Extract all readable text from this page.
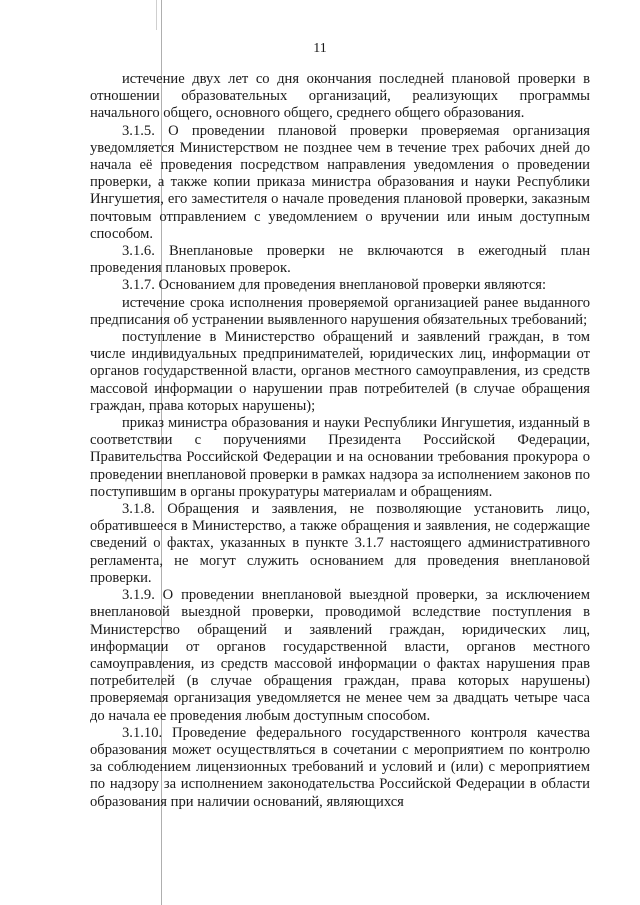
11

истечение двух лет со дня окончания последней плановой проверки в отношении образовательных организаций, реализующих программы начального общего, основного общего, среднего общего образования.

3.1.5. О проведении плановой проверки проверяемая организация уведомляется Министерством не позднее чем в течение трех рабочих дней до начала её проведения посредством направления уведомления о проведении проверки, а также копии приказа министра образования и науки Республики Ингушетия, его заместителя о начале проведения плановой проверки, заказным почтовым отправлением с уведомлением о вручении или иным доступным способом.

3.1.6. Внеплановые проверки не включаются в ежегодный план проведения плановых проверок.

3.1.7. Основанием для проведения внеплановой проверки являются:

истечение срока исполнения проверяемой организацией ранее выданного предписания об устранении выявленного нарушения обязательных требований;

поступление в Министерство обращений и заявлений граждан, в том числе индивидуальных предпринимателей, юридических лиц, информации от органов государственной власти, органов местного самоуправления, из средств массовой информации о нарушении прав потребителей (в случае обращения граждан, права которых нарушены);

приказ министра образования и науки Республики Ингушетия, изданный в соответствии с поручениями Президента Российской Федерации, Правительства Российской Федерации и на основании требования прокурора о проведении внеплановой проверки в рамках надзора за исполнением законов по поступившим в органы прокуратуры материалам и обращениям.

3.1.8. Обращения и заявления, не позволяющие установить лицо, обратившееся в Министерство, а также обращения и заявления, не содержащие сведений о фактах, указанных в пункте 3.1.7 настоящего административного регламента, не могут служить основанием для проведения внеплановой проверки.

3.1.9. О проведении внеплановой выездной проверки, за исключением внеплановой выездной проверки, проводимой вследствие поступления в Министерство обращений и заявлений граждан, юридических лиц, информации от органов государственной власти, органов местного самоуправления, из средств массовой информации о фактах нарушения прав потребителей (в случае обращения граждан, права которых нарушены) проверяемая организация уведомляется не менее чем за двадцать четыре часа до начала ее проведения любым доступным способом.

3.1.10. Проведение федерального государственного контроля качества образования может осуществляться в сочетании с мероприятием по контролю за соблюдением лицензионных требований и условий и (или) с мероприятием по надзору за исполнением законодательства Российской Федерации в области образования при наличии оснований, являющихся
